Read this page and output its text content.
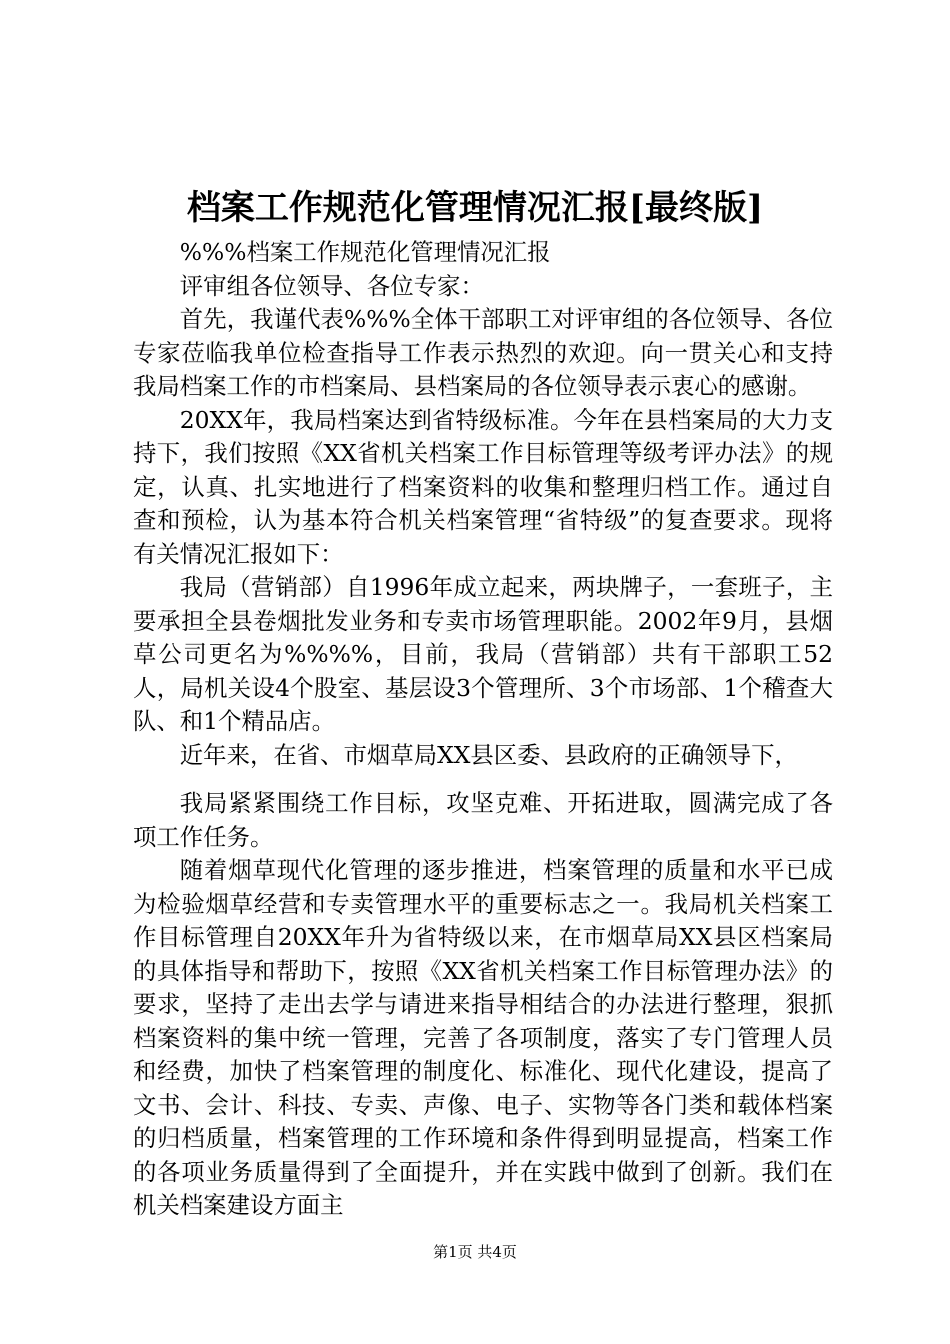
档案工作规范化管理情况汇报[最终版]

%%%档案工作规范化管理情况汇报

评审组各位领导、各位专家：

首先，我谨代表%%%全体干部职工对评审组的各位领导、各位专家莅临我单位检查指导工作表示热烈的欢迎。向一贯关心和支持我局档案工作的市档案局、县档案局的各位领导表示衷心的感谢。

20XX年，我局档案达到省特级标准。今年在县档案局的大力支持下，我们按照《XX省机关档案工作目标管理等级考评办法》的规定，认真、扎实地进行了档案资料的收集和整理归档工作。通过自查和预检，认为基本符合机关档案管理“省特级”的复查要求。现将有关情况汇报如下：

我局（营销部）自1996年成立起来，两块牌子，一套班子，主要承担全县卷烟批发业务和专卖市场管理职能。2002年9月，县烟草公司更名为%%%%，目前，我局（营销部）共有干部职工52人，局机关设4个股室、基层设3个管理所、3个市场部、1个稽查大队、和1个精品店。

近年来，在省、市烟草局XX县区委、县政府的正确领导下，

我局紧紧围绕工作目标，攻坚克难、开拓进取，圆满完成了各项工作任务。

随着烟草现代化管理的逐步推进，档案管理的质量和水平已成为检验烟草经营和专卖管理水平的重要标志之一。我局机关档案工作目标管理自20XX年升为省特级以来，在市烟草局XX县区档案局的具体指导和帮助下，按照《XX省机关档案工作目标管理办法》的要求，坚持了走出去学与请进来指导相结合的办法进行整理，狠抓档案资料的集中统一管理，完善了各项制度，落实了专门管理人员和经费，加快了档案管理的制度化、标准化、现代化建设，提高了文书、会计、科技、专卖、声像、电子、实物等各门类和载体档案的归档质量，档案管理的工作环境和条件得到明显提高，档案工作的各项业务质量得到了全面提升，并在实践中做到了创新。我们在机关档案建设方面主

第1页 共4页
